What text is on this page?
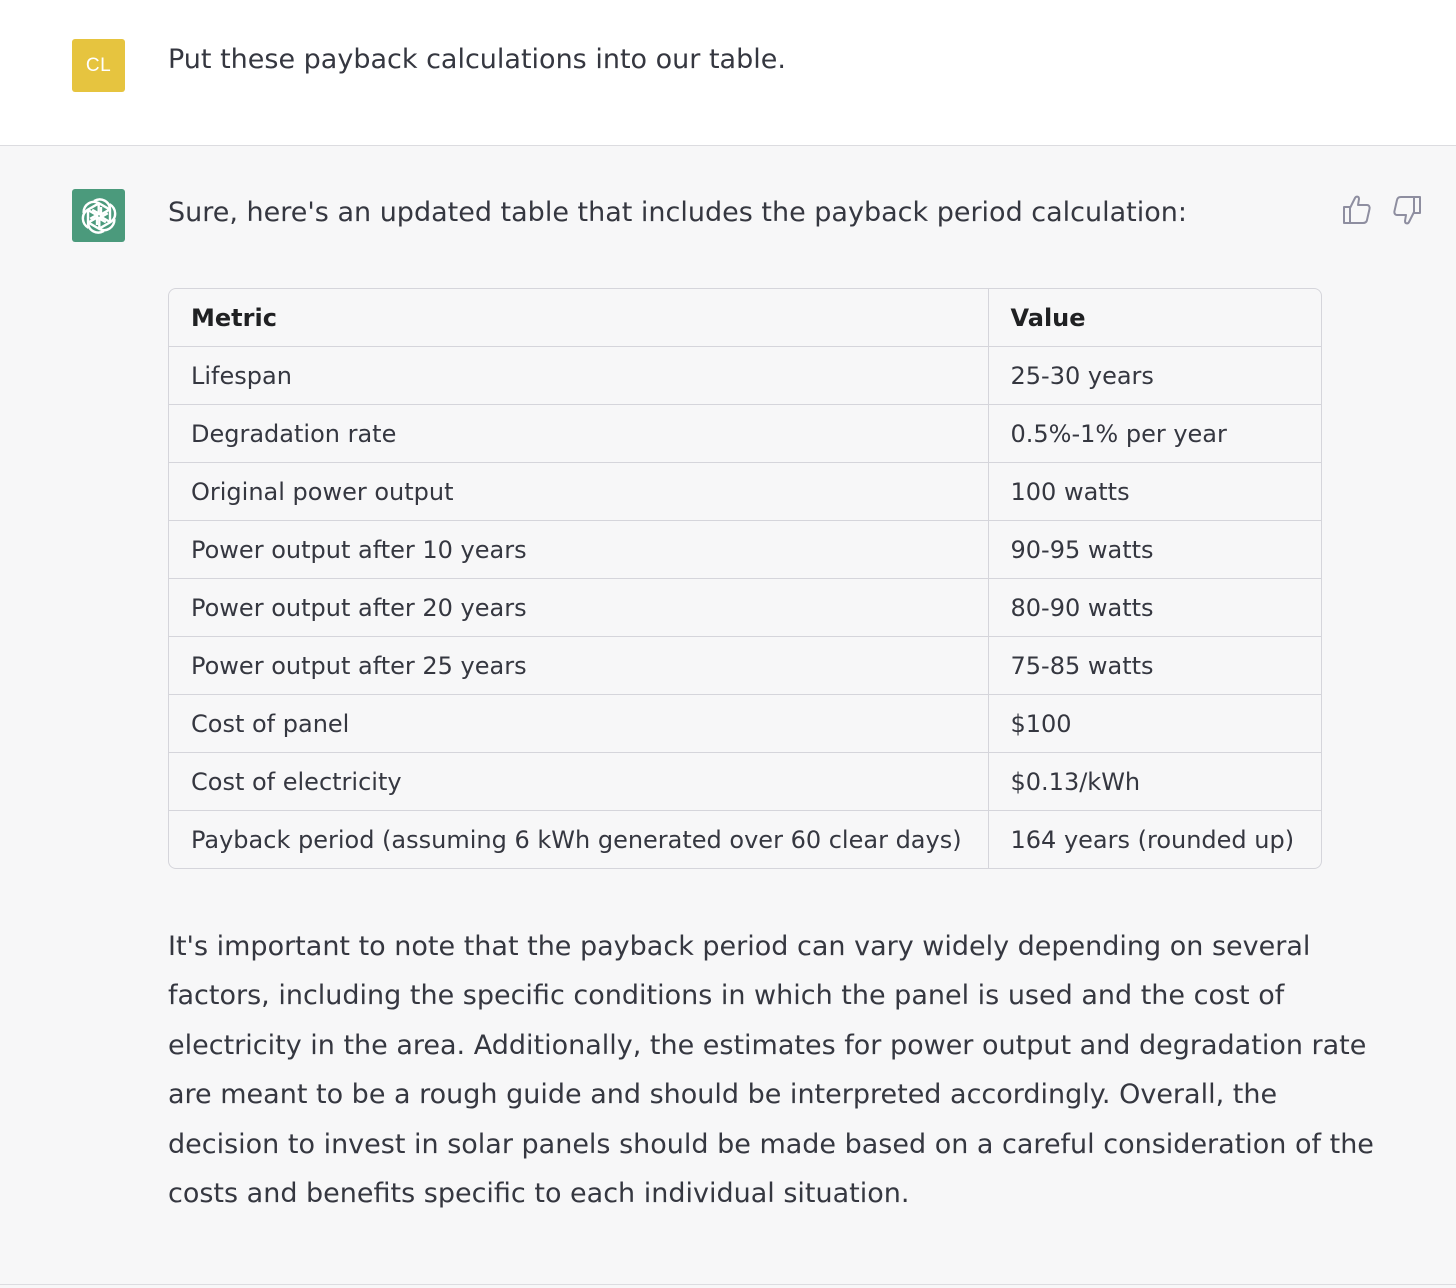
CL	Put these payback calculations into our table.
Sure, here's an updated table that includes the payback period calculation:
Metric	Value
Lifespan	25-30 years
Degradation rate	0.5%-1% per year
Original power output	100 watts
Power output after 10 years	90-95 watts
Power output after 20 years	80-90 watts
Power output after 25 years	75-85 watts
Cost of panel	$100
Cost of electricity	$0.13/kWh
Payback period (assuming 6 kWh generated over 60 clear days)	164 years (rounded up)
It's important to note that the payback period can vary widely depending on several
factors, including the specific conditions in which the panel is used and the cost of
electricity in the area. Additionally, the estimates for power output and degradation rate
are meant to be a rough guide and should be interpreted accordingly. Overall, the
decision to invest in solar panels should be made based on a careful consideration of the
costs and benefits specific to each individual situation.
